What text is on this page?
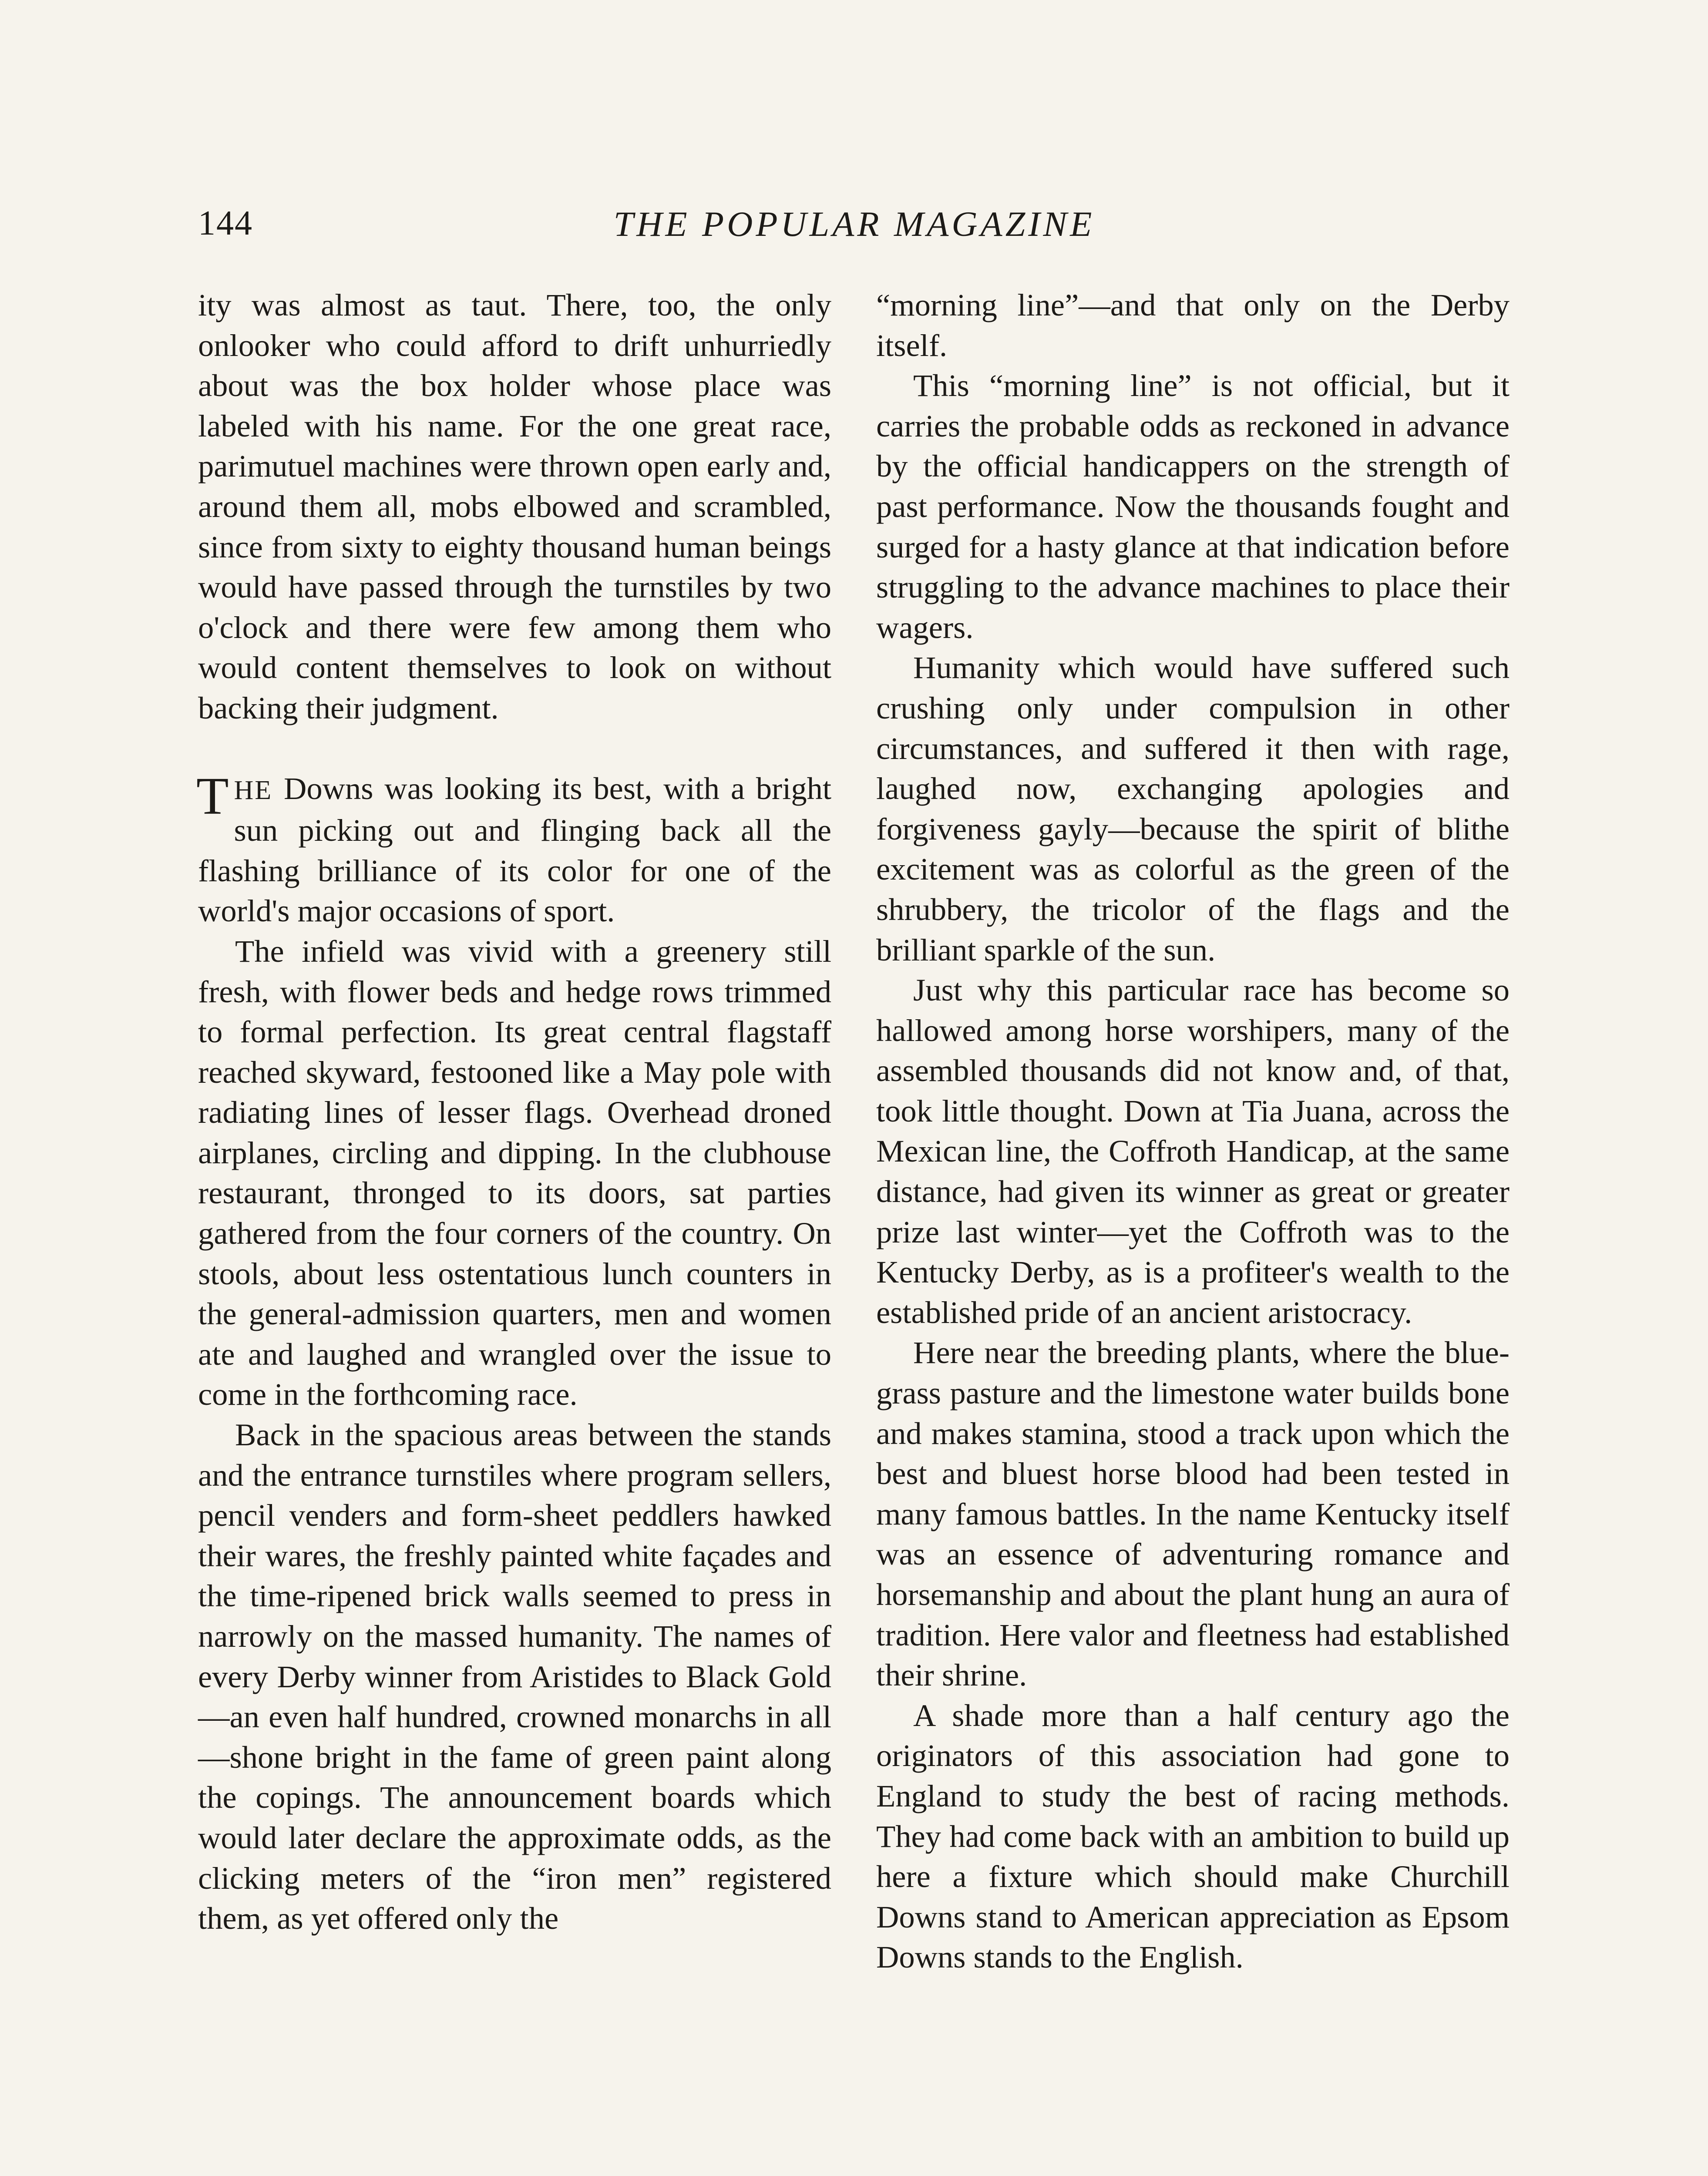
144	THE POPULAR MAGAZINE

ity was almost as taut. There, too, the only onlooker who could afford to drift unhurriedly about was the box holder whose place was labeled with his name. For the one great race, parimutuel machines were thrown open early and, around them all, mobs elbowed and scrambled, since from sixty to eighty thousand human beings would have passed through the turnstiles by two o'clock and there were few among them who would content themselves to look on without backing their judgment.

THE Downs was looking its best, with a bright sun picking out and flinging back all the flashing brilliance of its color for one of the world's major occasions of sport.

The infield was vivid with a greenery still fresh, with flower beds and hedge rows trimmed to formal perfection. Its great central flagstaff reached skyward, festooned like a May pole with radiating lines of lesser flags. Overhead droned airplanes, circling and dipping. In the clubhouse restaurant, thronged to its doors, sat parties gathered from the four corners of the country. On stools, about less ostentatious lunch counters in the general-admission quarters, men and women ate and laughed and wrangled over the issue to come in the forthcoming race.

Back in the spacious areas between the stands and the entrance turnstiles where program sellers, pencil venders and form-sheet peddlers hawked their wares, the freshly painted white façades and the time-ripened brick walls seemed to press in narrowly on the massed humanity. The names of every Derby winner from Aristides to Black Gold —an even half hundred, crowned monarchs in all—shone bright in the fame of green paint along the copings. The announcement boards which would later declare the approximate odds, as the clicking meters of the “iron men” registered them, as yet offered only the

“morning line”—and that only on the Derby itself.

This “morning line” is not official, but it carries the probable odds as reckoned in advance by the official handicappers on the strength of past performance. Now the thousands fought and surged for a hasty glance at that indication before struggling to the advance machines to place their wagers.

Humanity which would have suffered such crushing only under compulsion in other circumstances, and suffered it then with rage, laughed now, exchanging apologies and forgiveness gayly—because the spirit of blithe excitement was as colorful as the green of the shrubbery, the tricolor of the flags and the brilliant sparkle of the sun.

Just why this particular race has become so hallowed among horse worshipers, many of the assembled thousands did not know and, of that, took little thought. Down at Tia Juana, across the Mexican line, the Coffroth Handicap, at the same distance, had given its winner as great or greater prize last winter—yet the Coffroth was to the Kentucky Derby, as is a profiteer's wealth to the established pride of an ancient aristocracy.

Here near the breeding plants, where the blue-grass pasture and the limestone water builds bone and makes stamina, stood a track upon which the best and bluest horse blood had been tested in many famous battles. In the name Kentucky itself was an essence of adventuring romance and horsemanship and about the plant hung an aura of tradition. Here valor and fleetness had established their shrine.

A shade more than a half century ago the originators of this association had gone to England to study the best of racing methods. They had come back with an ambition to build up here a fixture which should make Churchill Downs stand to American appreciation as Epsom Downs stands to the English.
